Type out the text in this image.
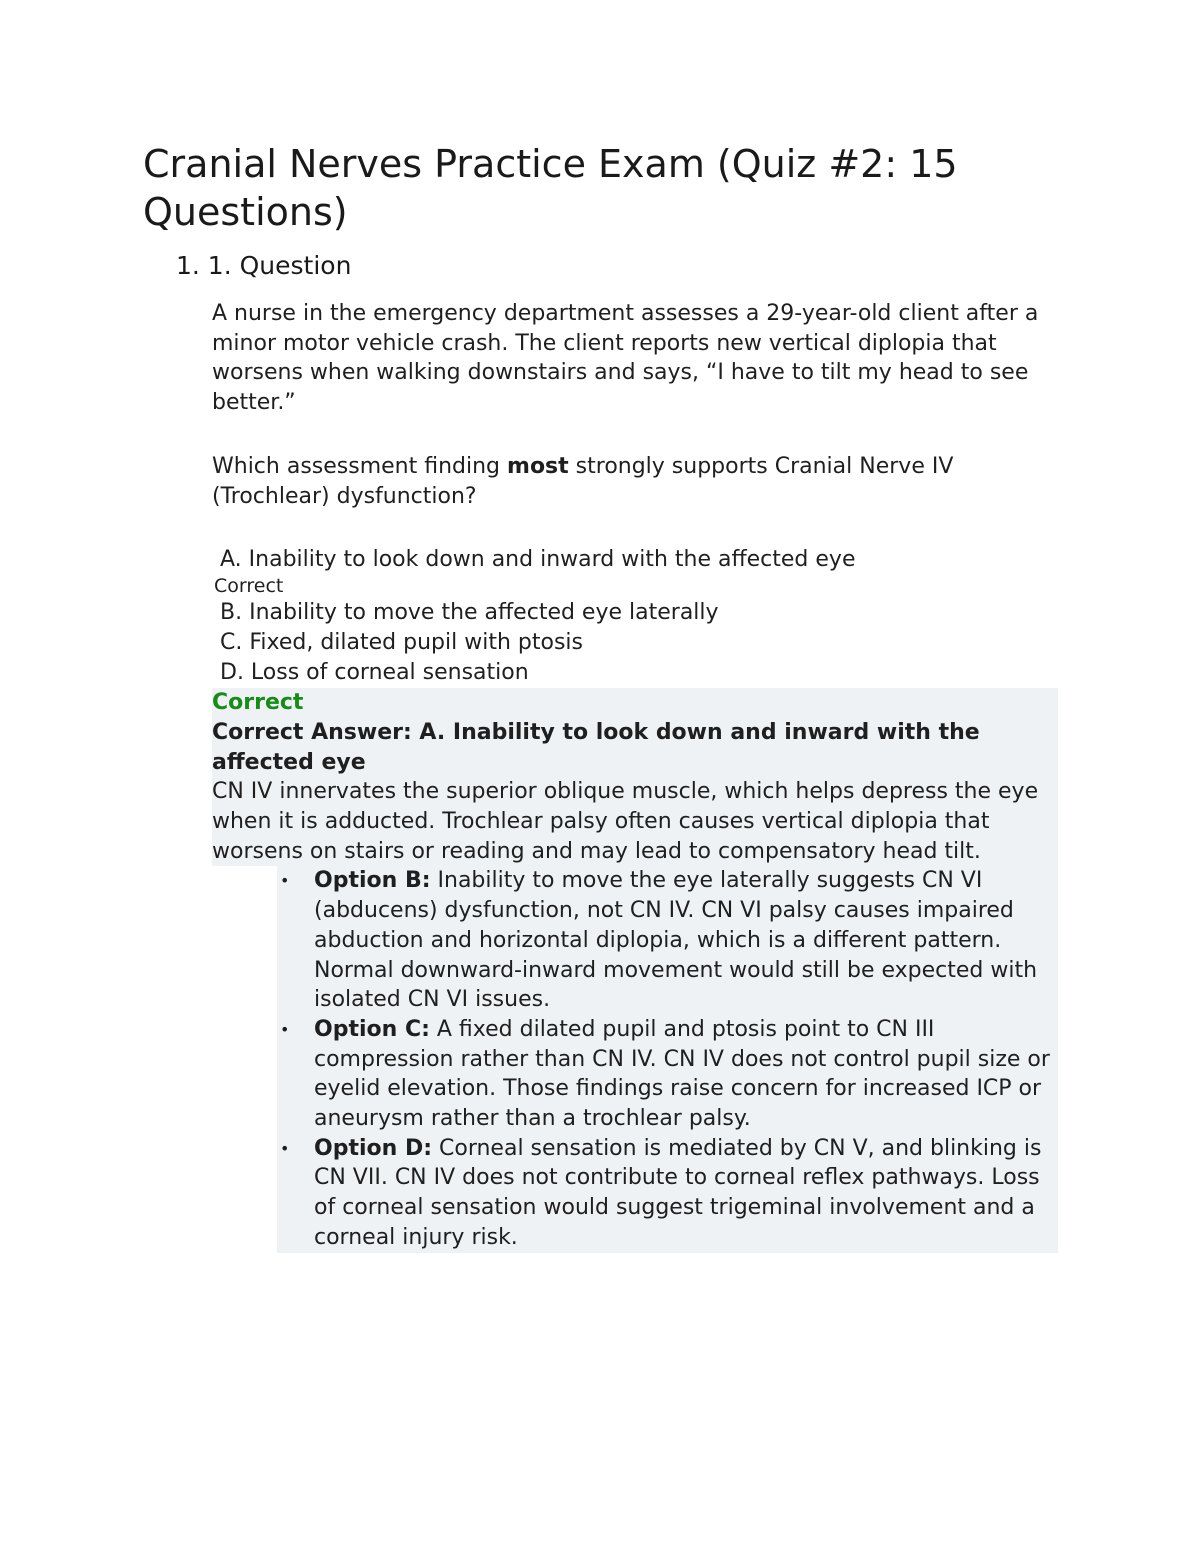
Cranial Nerves Practice Exam (Quiz #2: 15 Questions)
1. 1. Question

A nurse in the emergency department assesses a 29-year-old client after a minor motor vehicle crash. The client reports new vertical diplopia that worsens when walking downstairs and says, “I have to tilt my head to see better.”

Which assessment finding most strongly supports Cranial Nerve IV (Trochlear) dysfunction?

A. Inability to look down and inward with the affected eye
Correct
B. Inability to move the affected eye laterally
C. Fixed, dilated pupil with ptosis
D. Loss of corneal sensation
Correct
Correct Answer: A. Inability to look down and inward with the affected eye
CN IV innervates the superior oblique muscle, which helps depress the eye when it is adducted. Trochlear palsy often causes vertical diplopia that worsens on stairs or reading and may lead to compensatory head tilt.
• Option B: Inability to move the eye laterally suggests CN VI (abducens) dysfunction, not CN IV. CN VI palsy causes impaired abduction and horizontal diplopia, which is a different pattern. Normal downward-inward movement would still be expected with isolated CN VI issues.
• Option C: A fixed dilated pupil and ptosis point to CN III compression rather than CN IV. CN IV does not control pupil size or eyelid elevation. Those findings raise concern for increased ICP or aneurysm rather than a trochlear palsy.
• Option D: Corneal sensation is mediated by CN V, and blinking is CN VII. CN IV does not contribute to corneal reflex pathways. Loss of corneal sensation would suggest trigeminal involvement and a corneal injury risk.
